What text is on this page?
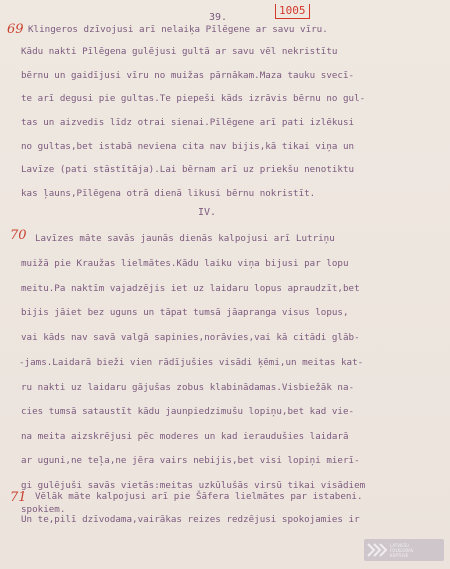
39.
1005
69
70
71
Klingeros dzīvojusi arī nelaiķa Pīlēgene ar savu vīru.
Kādu nakti Pīlēgena gulējusi gultā ar savu vēl nekristītu
bērnu un gaidījusi vīru no muižas pārnākam.Maza tauku svecī-
te arī degusi pie gultas.Te piepeši kāds izrāvis bērnu no gul-
tas un aizvedis līdz otrai sienai.Pīlēgene arī pati izlēkusi
no gultas,bet istabā neviena cita nav bijis,kā tikai viņa un
Lavīze (pati stāstītāja).Lai bērnam arī uz priekšu nenotiktu
kas ļauns,Pīlēgena otrā dienā likusi bērnu nokristīt.
IV.
Lavīzes māte savās jaunās dienās kalpojusi arī Lutriņu
muižā pie Kraužas lielmātes.Kādu laiku viņa bijusi par lopu
meitu.Pa naktīm vajadzējis iet uz laidaru lopus apraudzīt,bet
bijis jāiet bez uguns un tāpat tumsā jāapranga visus lopus,
vai kāds nav savā valgā sapinies,norāvies,vai kā citādi glāb-
-jams.Laidarā bieži vien rādījušies visādi ķēmi,un meitas kat-
ru nakti uz laidaru gājušas zobus klabinādamas.Visbiežāk na-
cies tumsā sataustīt kādu jaunpiedzimušu lopiņu,bet kad vie-
na meita aizskrējusi pēc moderes un kad ieraudušies laidarā
ar uguni,ne teļa,ne jēra vairs nebijis,bet visi lopiņi mierī-
gi gulējuši savās vietās:meitas uzkūlušās virsū tikai visādiem
spokiem.
Vēlāk māte kalpojusi arī pie Šāfera lielmātes par istabeni.
Un te,pilī dzīvodama,vairākas reizes redzējusi spokojamies ir
LATVIEŠU
FOLKLORAS
KRĀTUVE
